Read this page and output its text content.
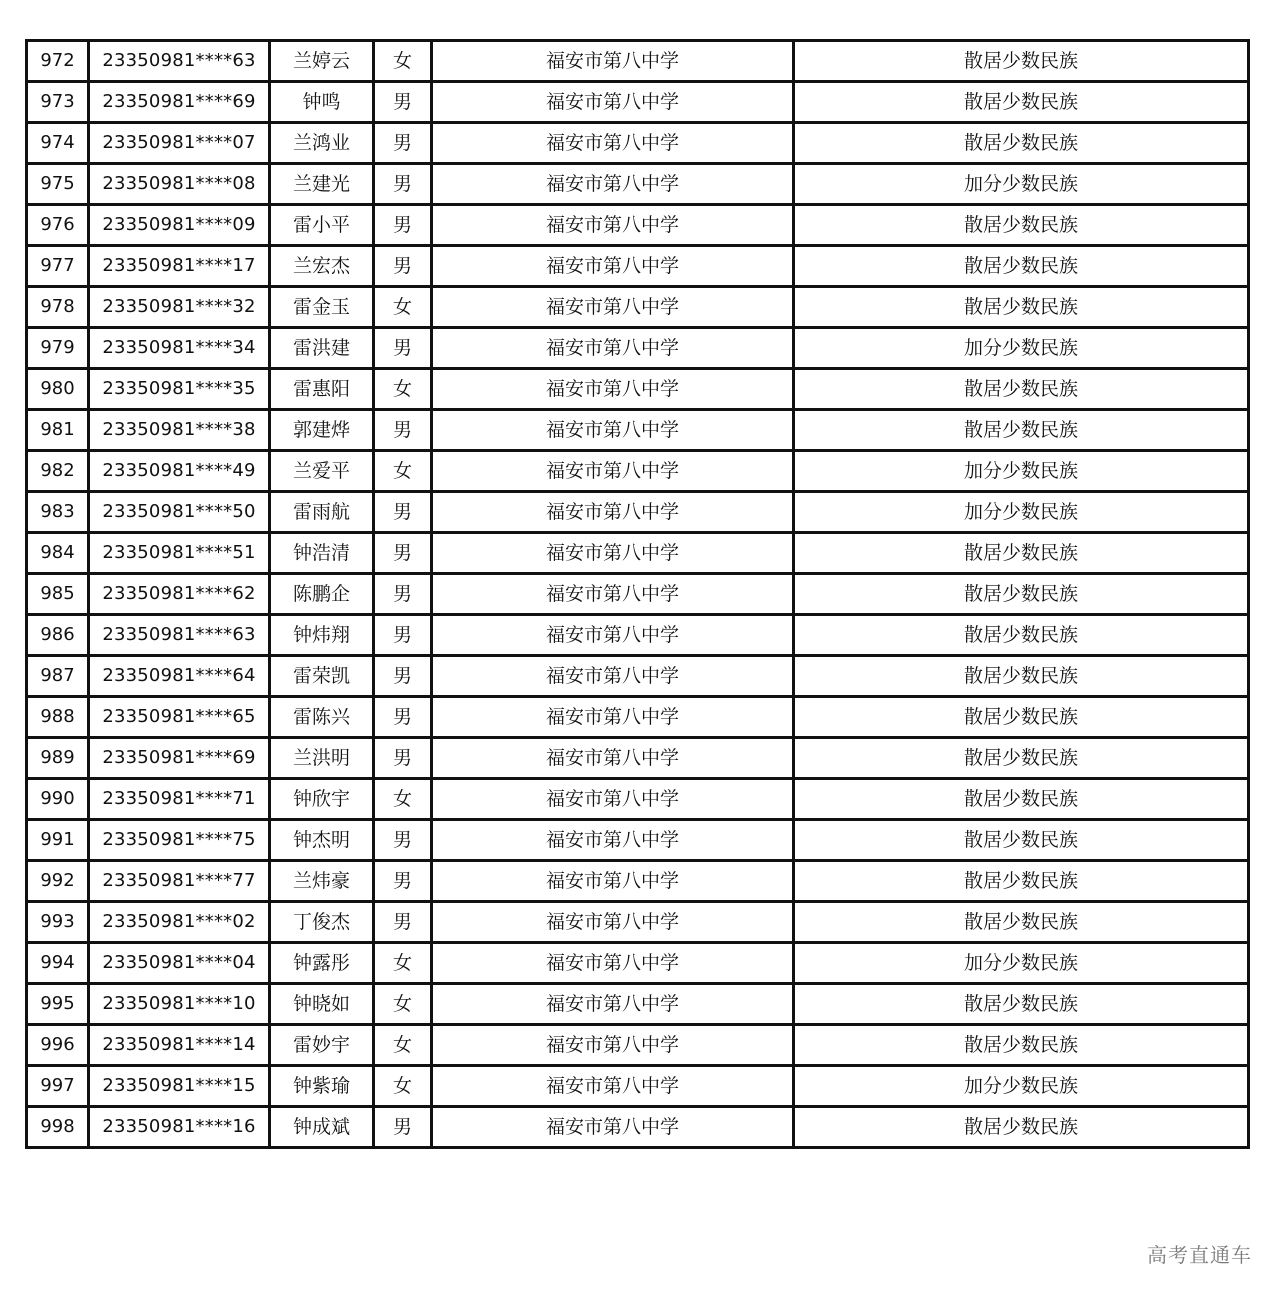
972	23350981****63	兰婷云	女	福安市第八中学	散居少数民族
973	23350981****69	钟鸣	男	福安市第八中学	散居少数民族
974	23350981****07	兰鸿业	男	福安市第八中学	散居少数民族
975	23350981****08	兰建光	男	福安市第八中学	加分少数民族
976	23350981****09	雷小平	男	福安市第八中学	散居少数民族
977	23350981****17	兰宏杰	男	福安市第八中学	散居少数民族
978	23350981****32	雷金玉	女	福安市第八中学	散居少数民族
979	23350981****34	雷洪建	男	福安市第八中学	加分少数民族
980	23350981****35	雷惠阳	女	福安市第八中学	散居少数民族
981	23350981****38	郭建烨	男	福安市第八中学	散居少数民族
982	23350981****49	兰爱平	女	福安市第八中学	加分少数民族
983	23350981****50	雷雨航	男	福安市第八中学	加分少数民族
984	23350981****51	钟浩清	男	福安市第八中学	散居少数民族
985	23350981****62	陈鹏企	男	福安市第八中学	散居少数民族
986	23350981****63	钟炜翔	男	福安市第八中学	散居少数民族
987	23350981****64	雷荣凯	男	福安市第八中学	散居少数民族
988	23350981****65	雷陈兴	男	福安市第八中学	散居少数民族
989	23350981****69	兰洪明	男	福安市第八中学	散居少数民族
990	23350981****71	钟欣宇	女	福安市第八中学	散居少数民族
991	23350981****75	钟杰明	男	福安市第八中学	散居少数民族
992	23350981****77	兰炜豪	男	福安市第八中学	散居少数民族
993	23350981****02	丁俊杰	男	福安市第八中学	散居少数民族
994	23350981****04	钟露彤	女	福安市第八中学	加分少数民族
995	23350981****10	钟晓如	女	福安市第八中学	散居少数民族
996	23350981****14	雷妙宇	女	福安市第八中学	散居少数民族
997	23350981****15	钟紫瑜	女	福安市第八中学	加分少数民族
998	23350981****16	钟成斌	男	福安市第八中学	散居少数民族
高考直通车
